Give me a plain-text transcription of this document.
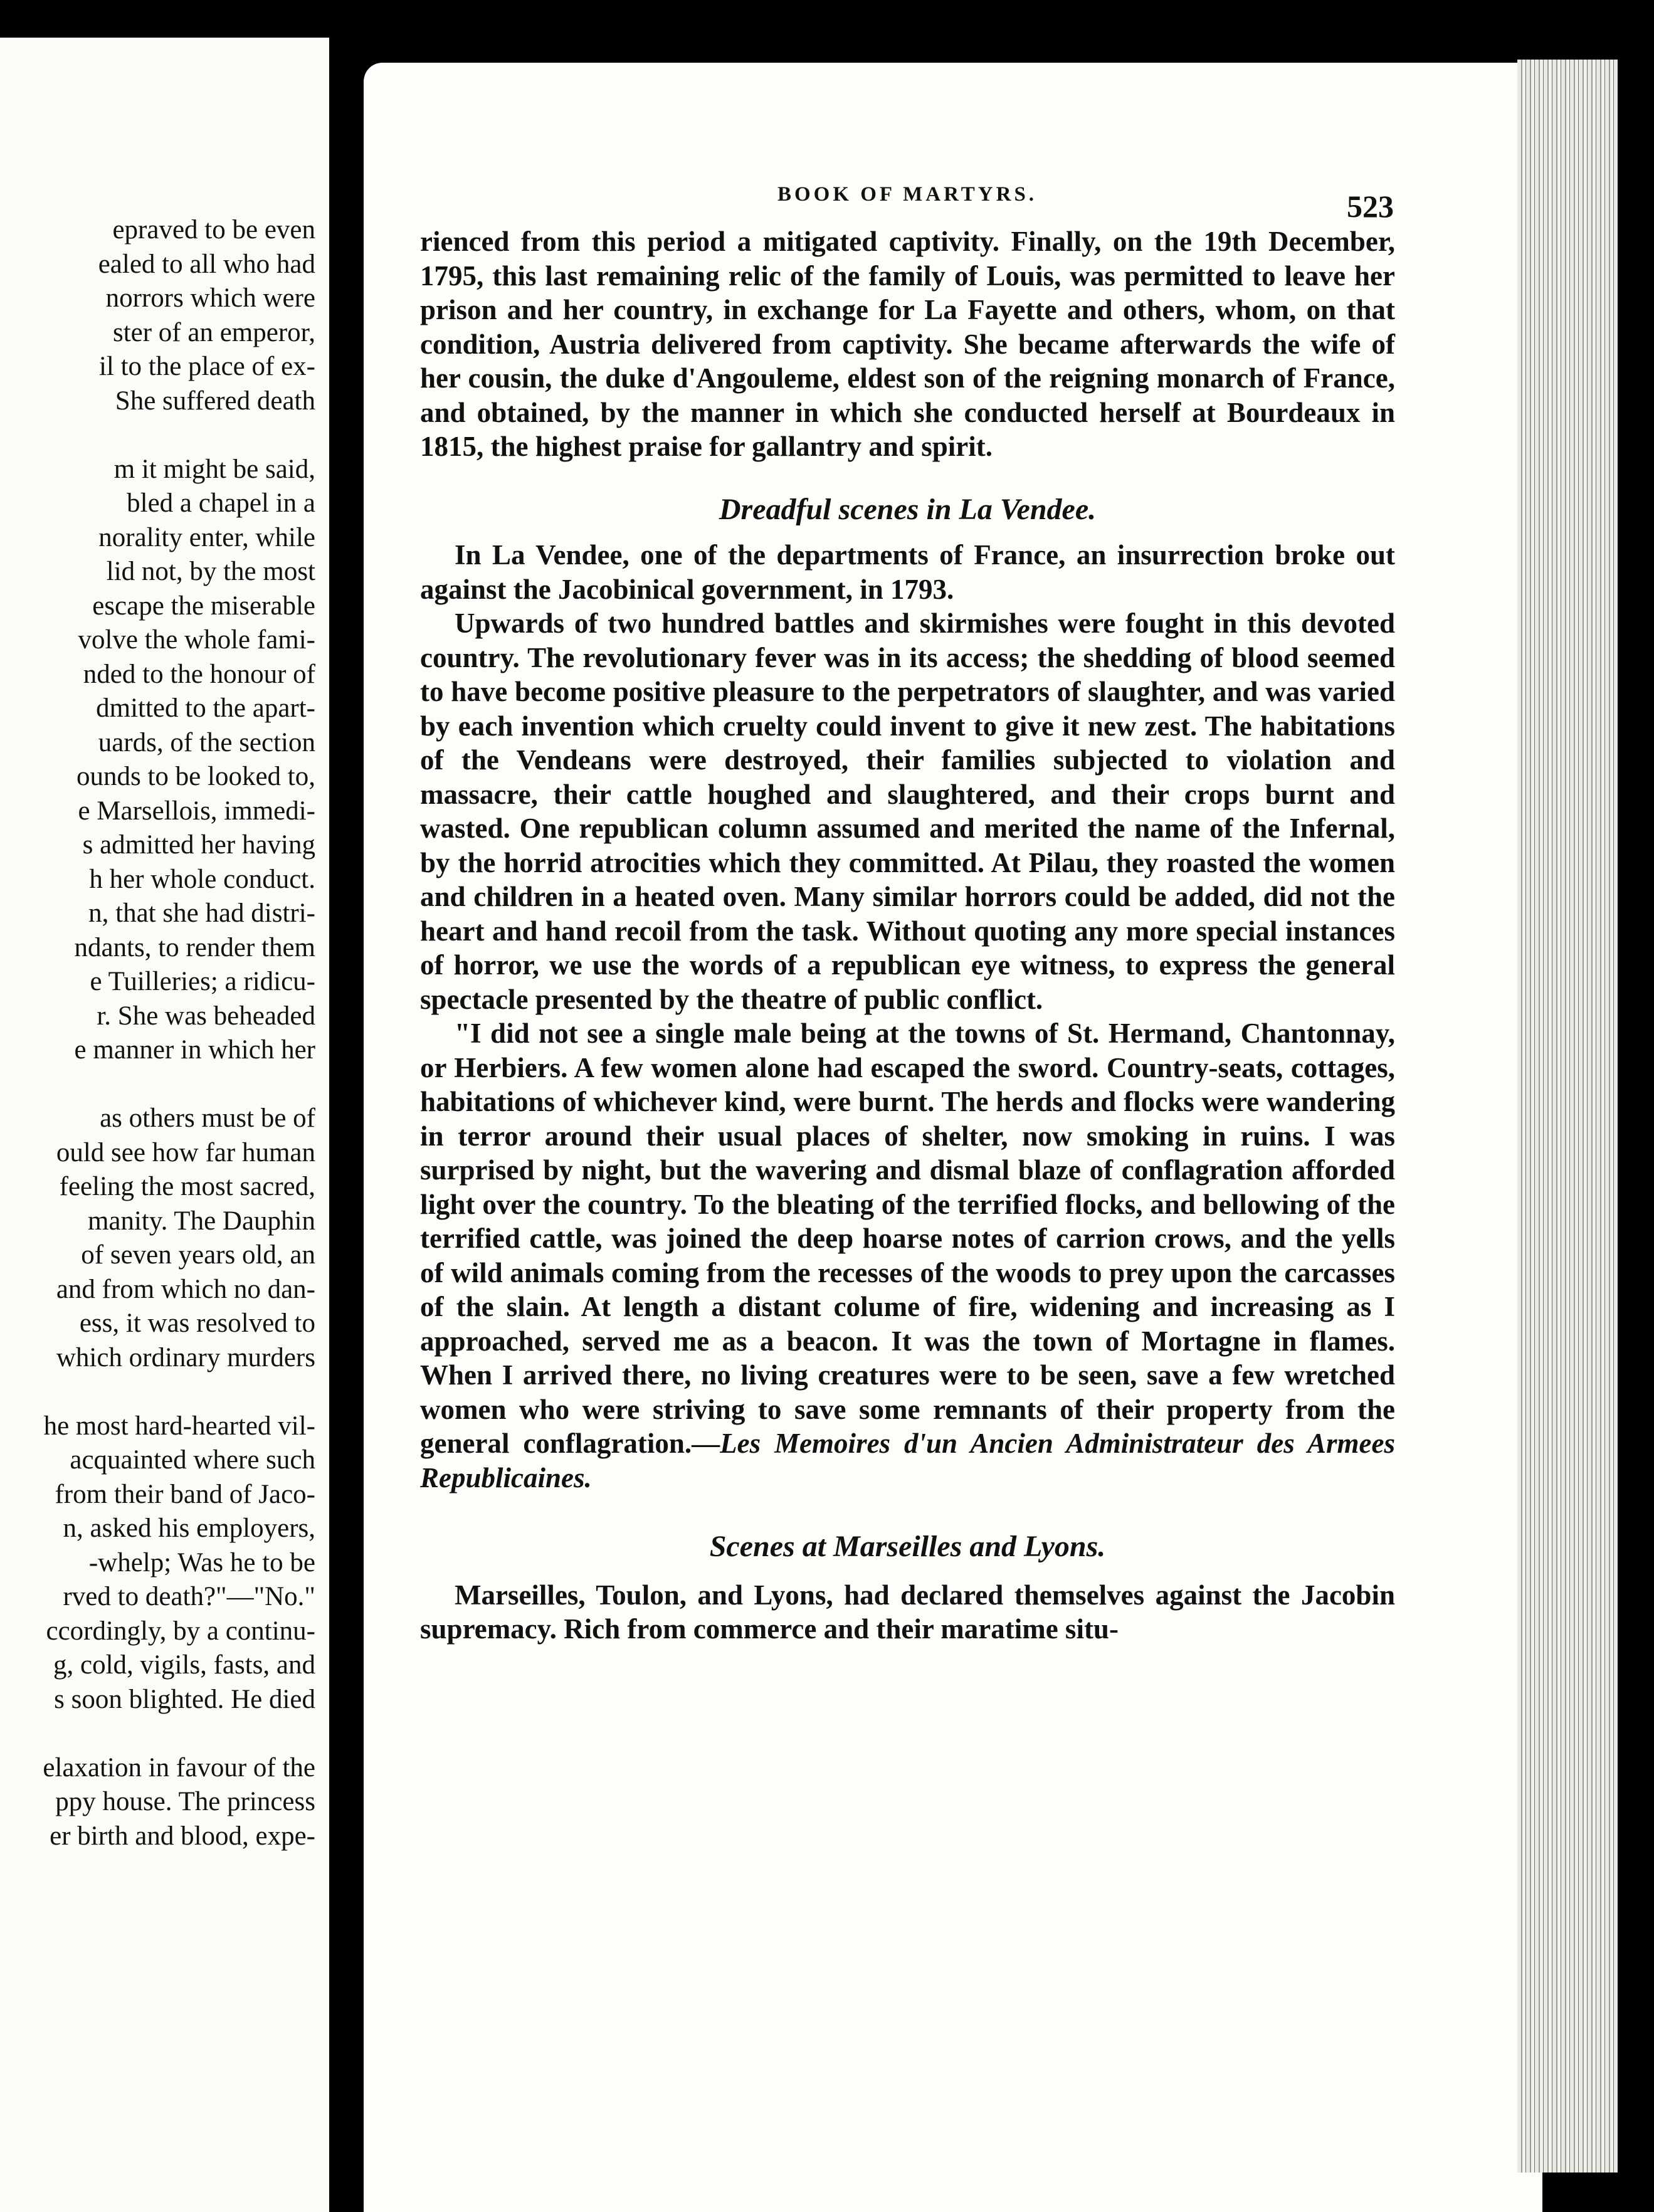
epraved to be even
ealed to all who had
norrors which were
ster of an emperor,
il to the place of ex-
She suffered death
m it might be said,
bled a chapel in a
norality enter, while
lid not, by the most
escape the miserable
volve the whole fami-
nded to the honour of
dmitted to the apart-
uards, of the section
ounds to be looked to,
e Marsellois, immedi-
s admitted her having
h her whole conduct.
n, that she had distri-
ndants, to render them
e Tuilleries; a ridicu-
r. She was beheaded
e manner in which her
as others must be of
ould see how far human
feeling the most sacred,
manity. The Dauphin
of seven years old, an
and from which no dan-
ess, it was resolved to
which ordinary murders
he most hard-hearted vil-
acquainted where such
from their band of Jaco-
n, asked his employers,
-whelp; Was he to be
rved to death?"—"No."
ccordingly, by a continu-
g, cold, vigils, fasts, and
s soon blighted. He died
elaxation in favour of the
ppy house. The princess
er birth and blood, expe-
BOOK OF MARTYRS.	523

rienced from this period a mitigated captivity. Finally, on the 19th December, 1795, this last remaining relic of the family of Louis, was permitted to leave her prison and her country, in exchange for La Fayette and others, whom, on that condition, Austria delivered from captivity. She became afterwards the wife of her cousin, the duke d'Angouleme, eldest son of the reigning monarch of France, and obtained, by the manner in which she conducted herself at Bourdeaux in 1815, the highest praise for gallantry and spirit.

Dreadful scenes in La Vendee.

In La Vendee, one of the departments of France, an insurrection broke out against the Jacobinical government, in 1793.

Upwards of two hundred battles and skirmishes were fought in this devoted country. The revolutionary fever was in its access; the shedding of blood seemed to have become positive pleasure to the perpetrators of slaughter, and was varied by each invention which cruelty could invent to give it new zest. The habitations of the Vendeans were destroyed, their families subjected to violation and massacre, their cattle houghed and slaughtered, and their crops burnt and wasted. One republican column assumed and merited the name of the Infernal, by the horrid atrocities which they committed. At Pilau, they roasted the women and children in a heated oven. Many similar horrors could be added, did not the heart and hand recoil from the task. Without quoting any more special instances of horror, we use the words of a republican eye witness, to express the general spectacle presented by the theatre of public conflict.

"I did not see a single male being at the towns of St. Hermand, Chantonnay, or Herbiers. A few women alone had escaped the sword. Country-seats, cottages, habitations of whichever kind, were burnt. The herds and flocks were wandering in terror around their usual places of shelter, now smoking in ruins. I was surprised by night, but the wavering and dismal blaze of conflagration afforded light over the country. To the bleating of the terrified flocks, and bellowing of the terrified cattle, was joined the deep hoarse notes of carrion crows, and the yells of wild animals coming from the recesses of the woods to prey upon the carcasses of the slain. At length a distant colume of fire, widening and increasing as I approached, served me as a beacon. It was the town of Mortagne in flames. When I arrived there, no living creatures were to be seen, save a few wretched women who were striving to save some remnants of their property from the general conflagration.—Les Memoires d'un Ancien Administrateur des Armees Republicaines.

Scenes at Marseilles and Lyons.

Marseilles, Toulon, and Lyons, had declared themselves against the Jacobin supremacy. Rich from commerce and their maratime situ-
